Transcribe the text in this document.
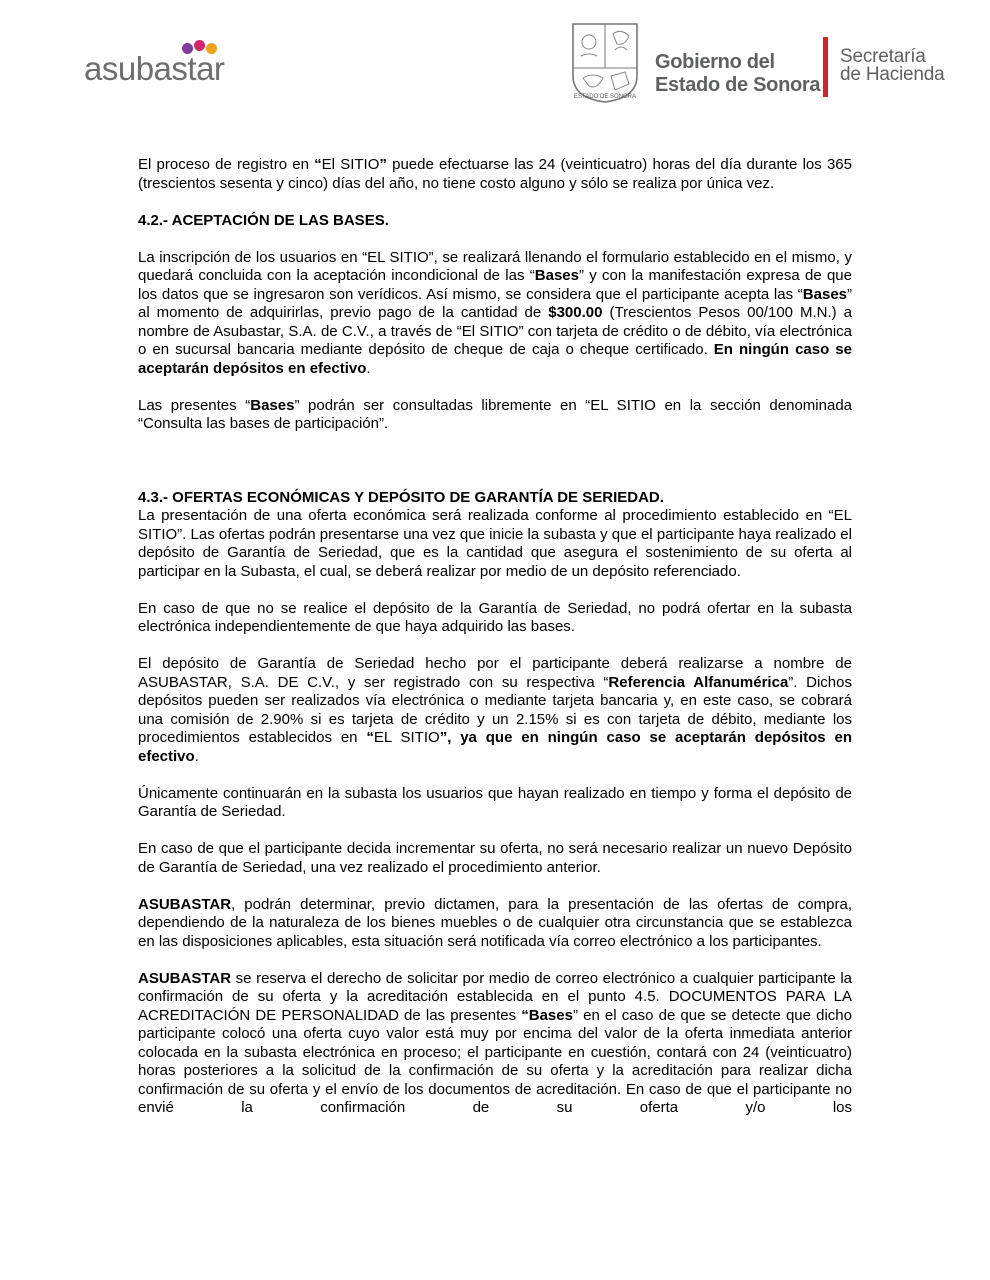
asubastar
ESTADO DE SONORA
Gobierno del
Estado de Sonora
Secretaría
de Hacienda

El proceso de registro en “El SITIO” puede efectuarse las 24 (veinticuatro) horas del día durante los 365 (trescientos sesenta y cinco) días del año, no tiene costo alguno y sólo se realiza por única vez.

4.2.- ACEPTACIÓN DE LAS BASES.

La inscripción de los usuarios en “EL SITIO”, se realizará llenando el formulario establecido en el mismo, y quedará concluida con la aceptación incondicional de las “Bases” y con la manifestación expresa de que los datos que se ingresaron son verídicos. Así mismo, se considera que el participante acepta las “Bases” al momento de adquirirlas, previo pago de la cantidad de $300.00 (Trescientos Pesos 00/100 M.N.) a nombre de Asubastar, S.A. de C.V., a través de “El SITIO” con tarjeta de crédito o de débito, vía electrónica o en sucursal bancaria mediante depósito de cheque de caja o cheque certificado. En ningún caso se aceptarán depósitos en efectivo.

Las presentes “Bases” podrán ser consultadas libremente en “EL SITIO en la sección denominada “Consulta las bases de participación”.

4.3.- OFERTAS ECONÓMICAS Y DEPÓSITO DE GARANTÍA DE SERIEDAD.

La presentación de una oferta económica será realizada conforme al procedimiento establecido en “EL SITIO”. Las ofertas podrán presentarse una vez que inicie la subasta y que el participante haya realizado el depósito de Garantía de Seriedad, que es la cantidad que asegura el sostenimiento de su oferta al participar en la Subasta, el cual, se deberá realizar por medio de un depósito referenciado.

En caso de que no se realice el depósito de la Garantía de Seriedad, no podrá ofertar en la subasta electrónica independientemente de que haya adquirido las bases.

El depósito de Garantía de Seriedad hecho por el participante deberá realizarse a nombre de ASUBASTAR, S.A. DE C.V., y ser registrado con su respectiva “Referencia Alfanumérica”. Dichos depósitos pueden ser realizados vía electrónica o mediante tarjeta bancaria y, en este caso, se cobrará una comisión de 2.90% si es tarjeta de crédito y un 2.15% si es con tarjeta de débito, mediante los procedimientos establecidos en “EL SITIO”, ya que en ningún caso se aceptarán depósitos en efectivo.

Únicamente continuarán en la subasta los usuarios que hayan realizado en tiempo y forma el depósito de Garantía de Seriedad.

En caso de que el participante decida incrementar su oferta, no será necesario realizar un nuevo Depósito de Garantía de Seriedad, una vez realizado el procedimiento anterior.

ASUBASTAR, podrán determinar, previo dictamen, para la presentación de las ofertas de compra, dependiendo de la naturaleza de los bienes muebles o de cualquier otra circunstancia que se establezca en las disposiciones aplicables, esta situación será notificada vía correo electrónico a los participantes.

ASUBASTAR se reserva el derecho de solicitar por medio de correo electrónico a cualquier participante la confirmación de su oferta y la acreditación establecida en el punto 4.5. DOCUMENTOS PARA LA ACREDITACIÓN DE PERSONALIDAD de las presentes “Bases” en el caso de que se detecte que dicho participante colocó una oferta cuyo valor está muy por encima del valor de la oferta inmediata anterior colocada en la subasta electrónica en proceso; el participante en cuestión, contará con 24 (veinticuatro) horas posteriores a la solicitud de la confirmación de su oferta y la acreditación para realizar dicha confirmación de su oferta y el envío de los documentos de acreditación. En caso de que el participante no envié la confirmación de su oferta y/o los
